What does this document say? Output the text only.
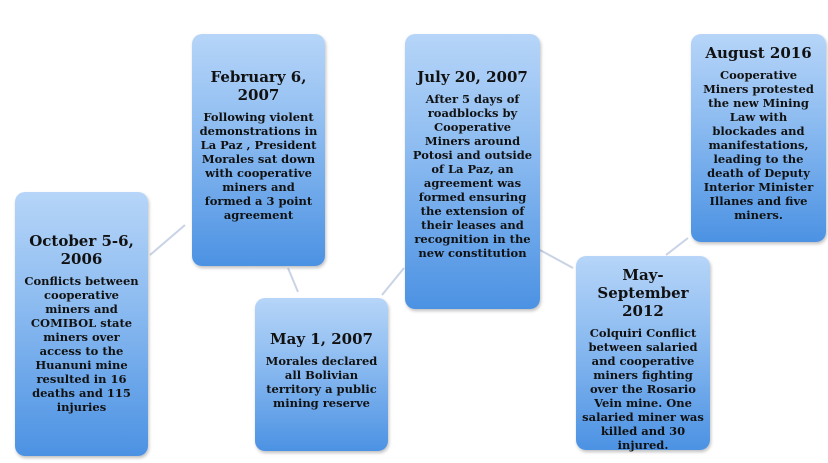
October 5-6, 2006
Conflicts between cooperative miners and COMIBOL state miners over access to the Huanuni mine resulted in 16 deaths and 115 injuries
February 6, 2007
Following violent demonstrations in La Paz , President Morales sat down with cooperative miners and formed a 3 point agreement
May 1, 2007
Morales declared all Bolivian territory a public mining reserve
July 20, 2007
After 5 days of roadblocks by Cooperative Miners around Potosi and outside of La Paz, an agreement was formed ensuring the extension of their leases and recognition in the new constitution
May-September 2012
Colquiri Conflict between salaried and cooperative miners fighting over the Rosario Vein mine. One salaried miner was killed and 30 injured.
August 2016
Cooperative Miners protested the new Mining Law with blockades and manifestations, leading to the death of Deputy Interior Minister Illanes and five miners.
